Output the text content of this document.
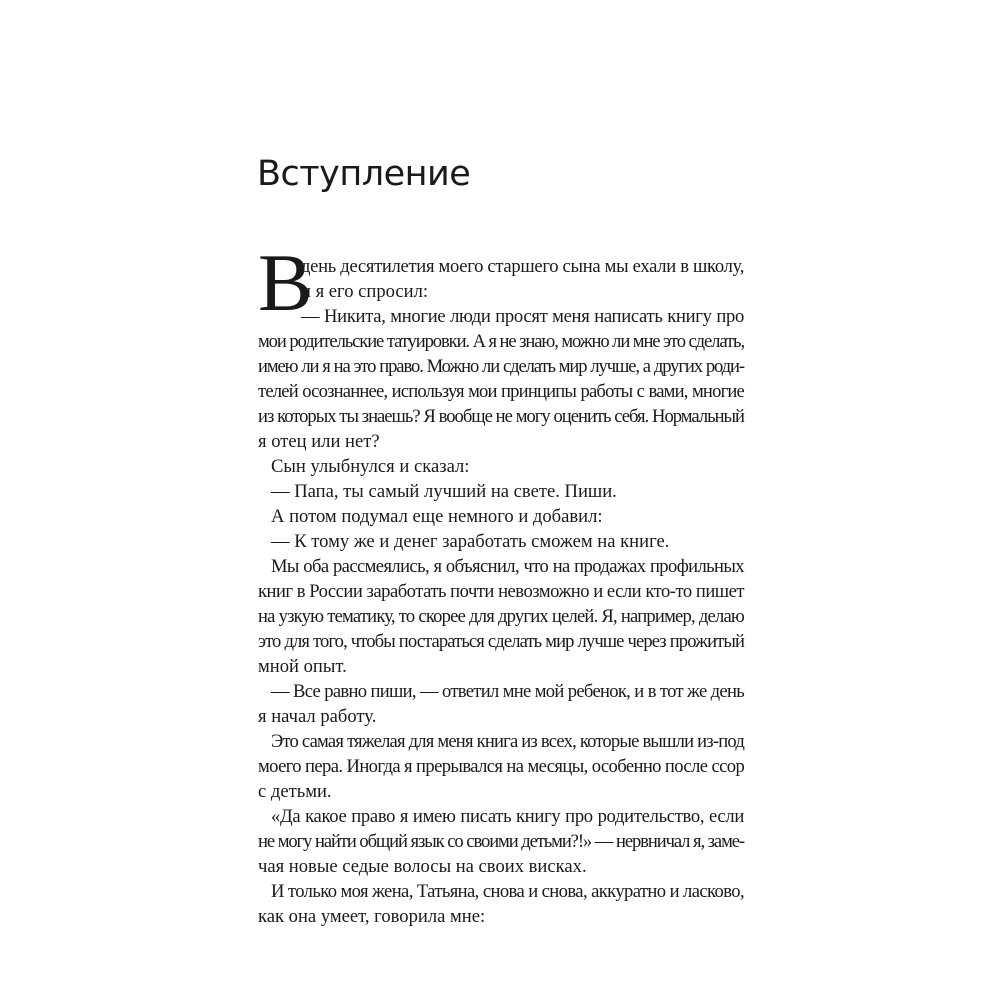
Вступление
В
день десятилетия моего старшего сына мы ехали в школу,
и я его спросил:
— Никита, многие люди просят меня написать книгу про
мои родительские татуировки. А я не знаю, можно ли мне это сделать,
имею ли я на это право. Можно ли сделать мир лучше, а других роди-
телей осознаннее, используя мои принципы работы с вами, многие
из которых ты знаешь? Я вообще не могу оценить себя. Нормальный
я отец или нет?
Сын улыбнулся и сказал:
— Папа, ты самый лучший на свете. Пиши.
А потом подумал еще немного и добавил:
— К тому же и денег заработать сможем на книге.
Мы оба рассмеялись, я объяснил, что на продажах профильных
книг в России заработать почти невозможно и если кто-то пишет
на узкую тематику, то скорее для других целей. Я, например, делаю
это для того, чтобы постараться сделать мир лучше через прожитый
мной опыт.
— Все равно пиши, — ответил мне мой ребенок, и в тот же день
я начал работу.
Это самая тяжелая для меня книга из всех, которые вышли из-под
моего пера. Иногда я прерывался на месяцы, особенно после ссор
с детьми.
«Да какое право я имею писать книгу про родительство, если
не могу найти общий язык со своими детьми?!» — нервничал я, заме-
чая новые седые волосы на своих висках.
И только моя жена, Татьяна, снова и снова, аккуратно и ласково,
как она умеет, говорила мне:
